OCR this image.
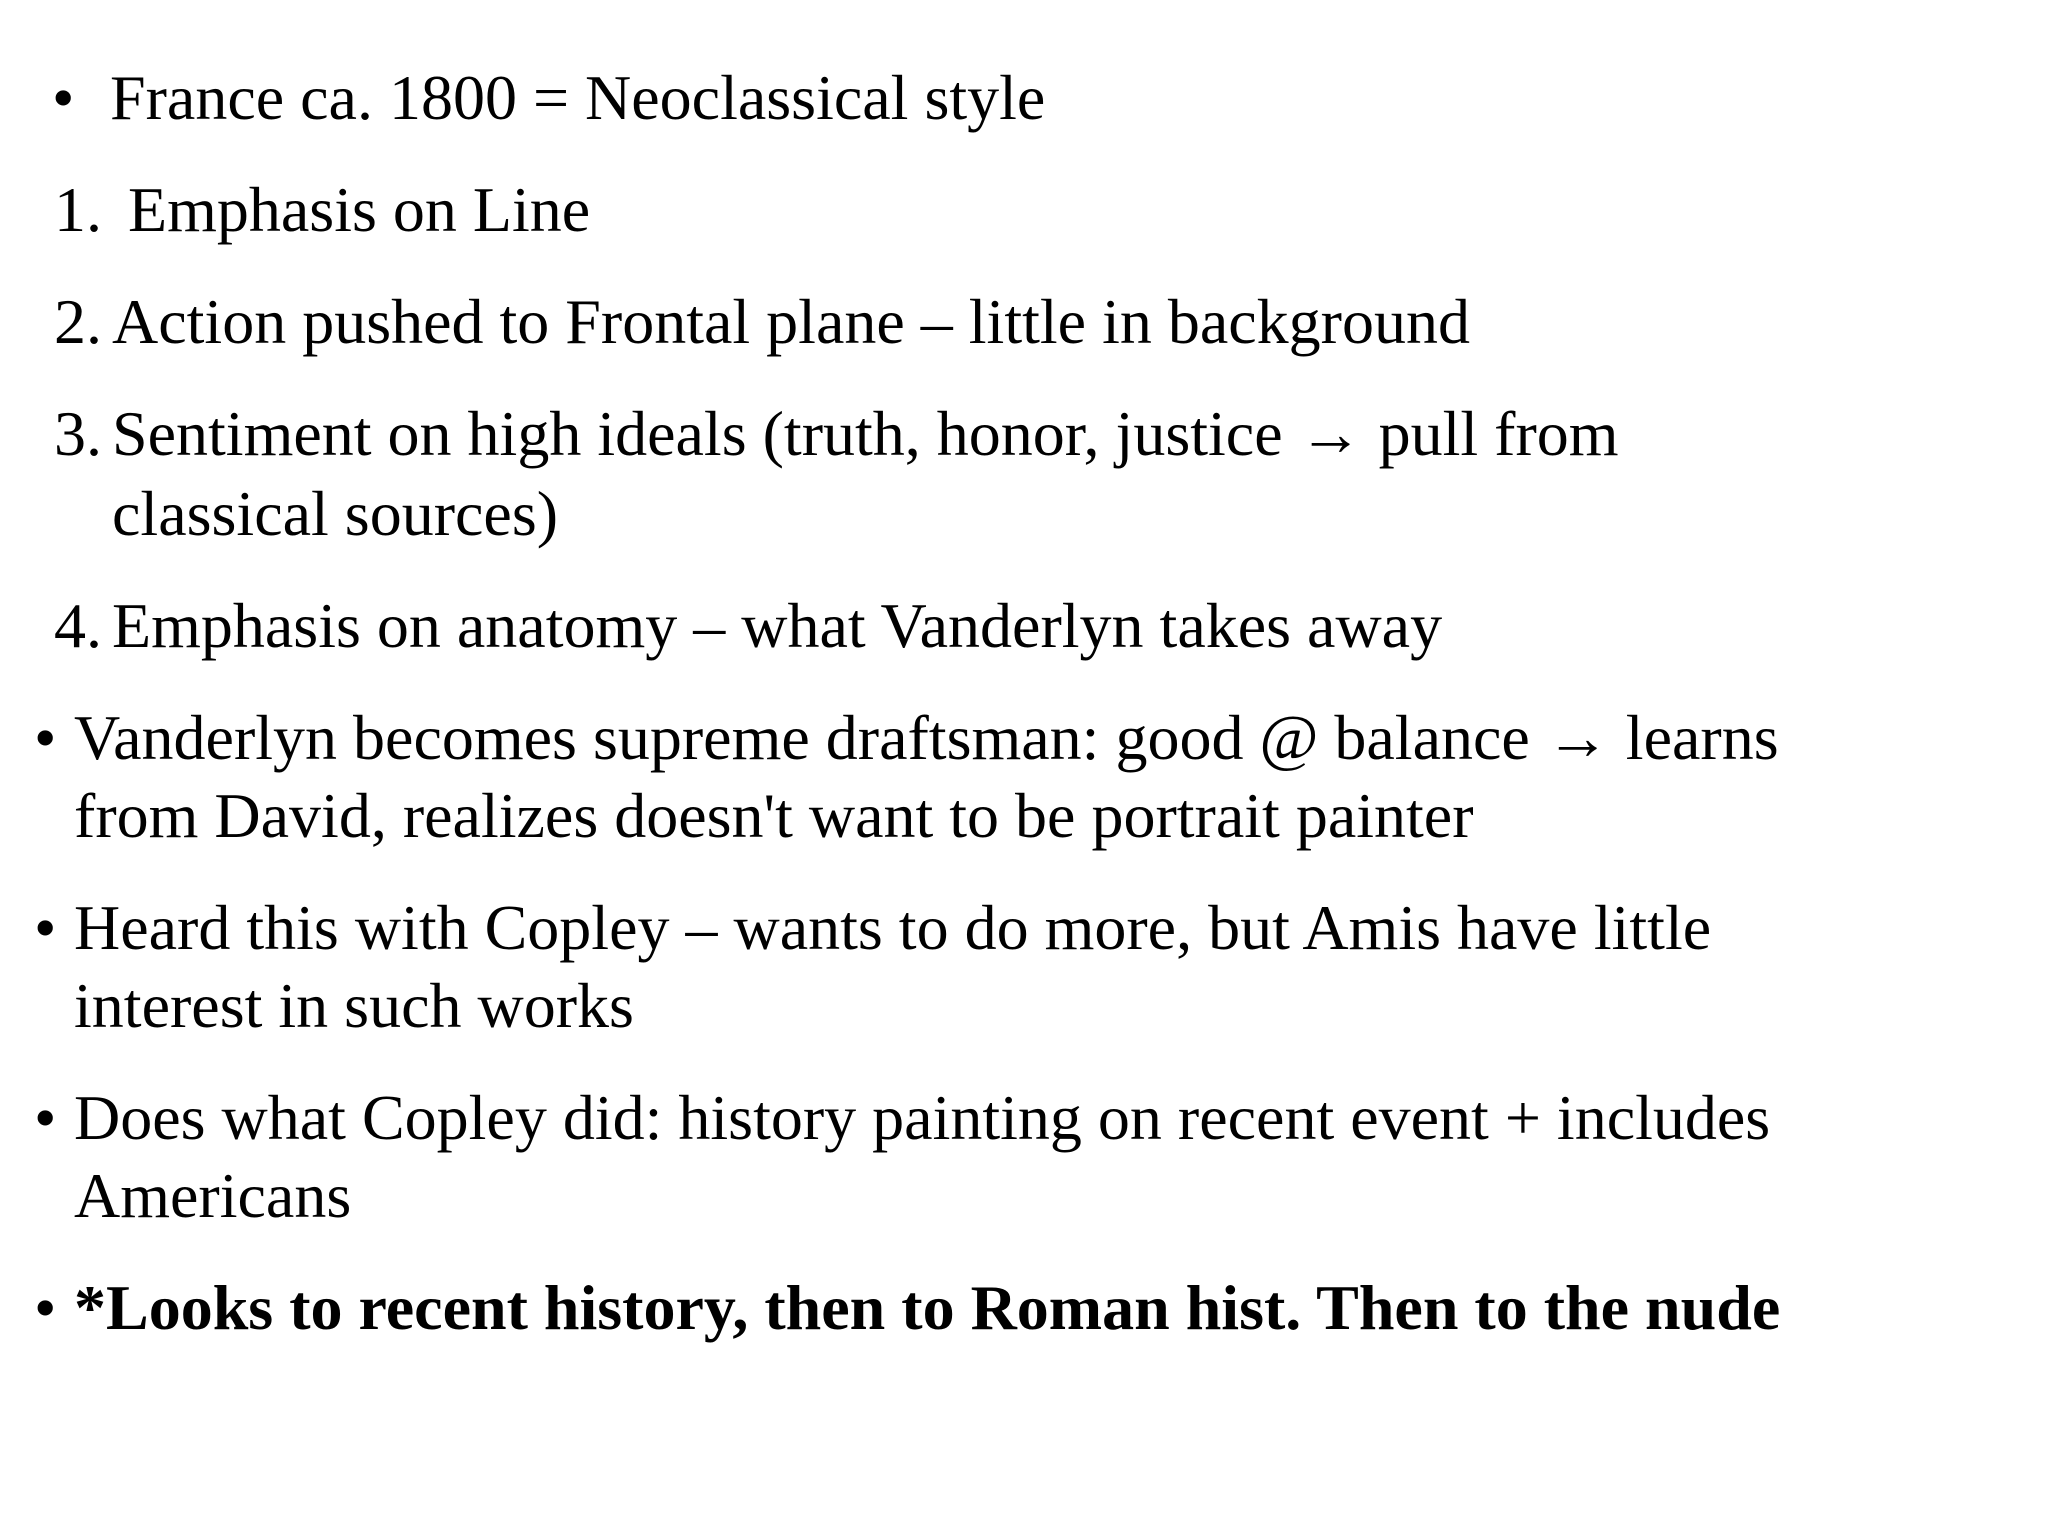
• France ca. 1800 = Neoclassical style
1. Emphasis on Line
2. Action pushed to Frontal plane – little in background
3. Sentiment on high ideals (truth, honor, justice → pull from
classical sources)
4. Emphasis on anatomy – what Vanderlyn takes away
• Vanderlyn becomes supreme draftsman: good @ balance → learns
from David, realizes doesn't want to be portrait painter
• Heard this with Copley – wants to do more, but Amis have little
interest in such works
• Does what Copley did: history painting on recent event + includes
Americans
• *Looks to recent history, then to Roman hist. Then to the nude
